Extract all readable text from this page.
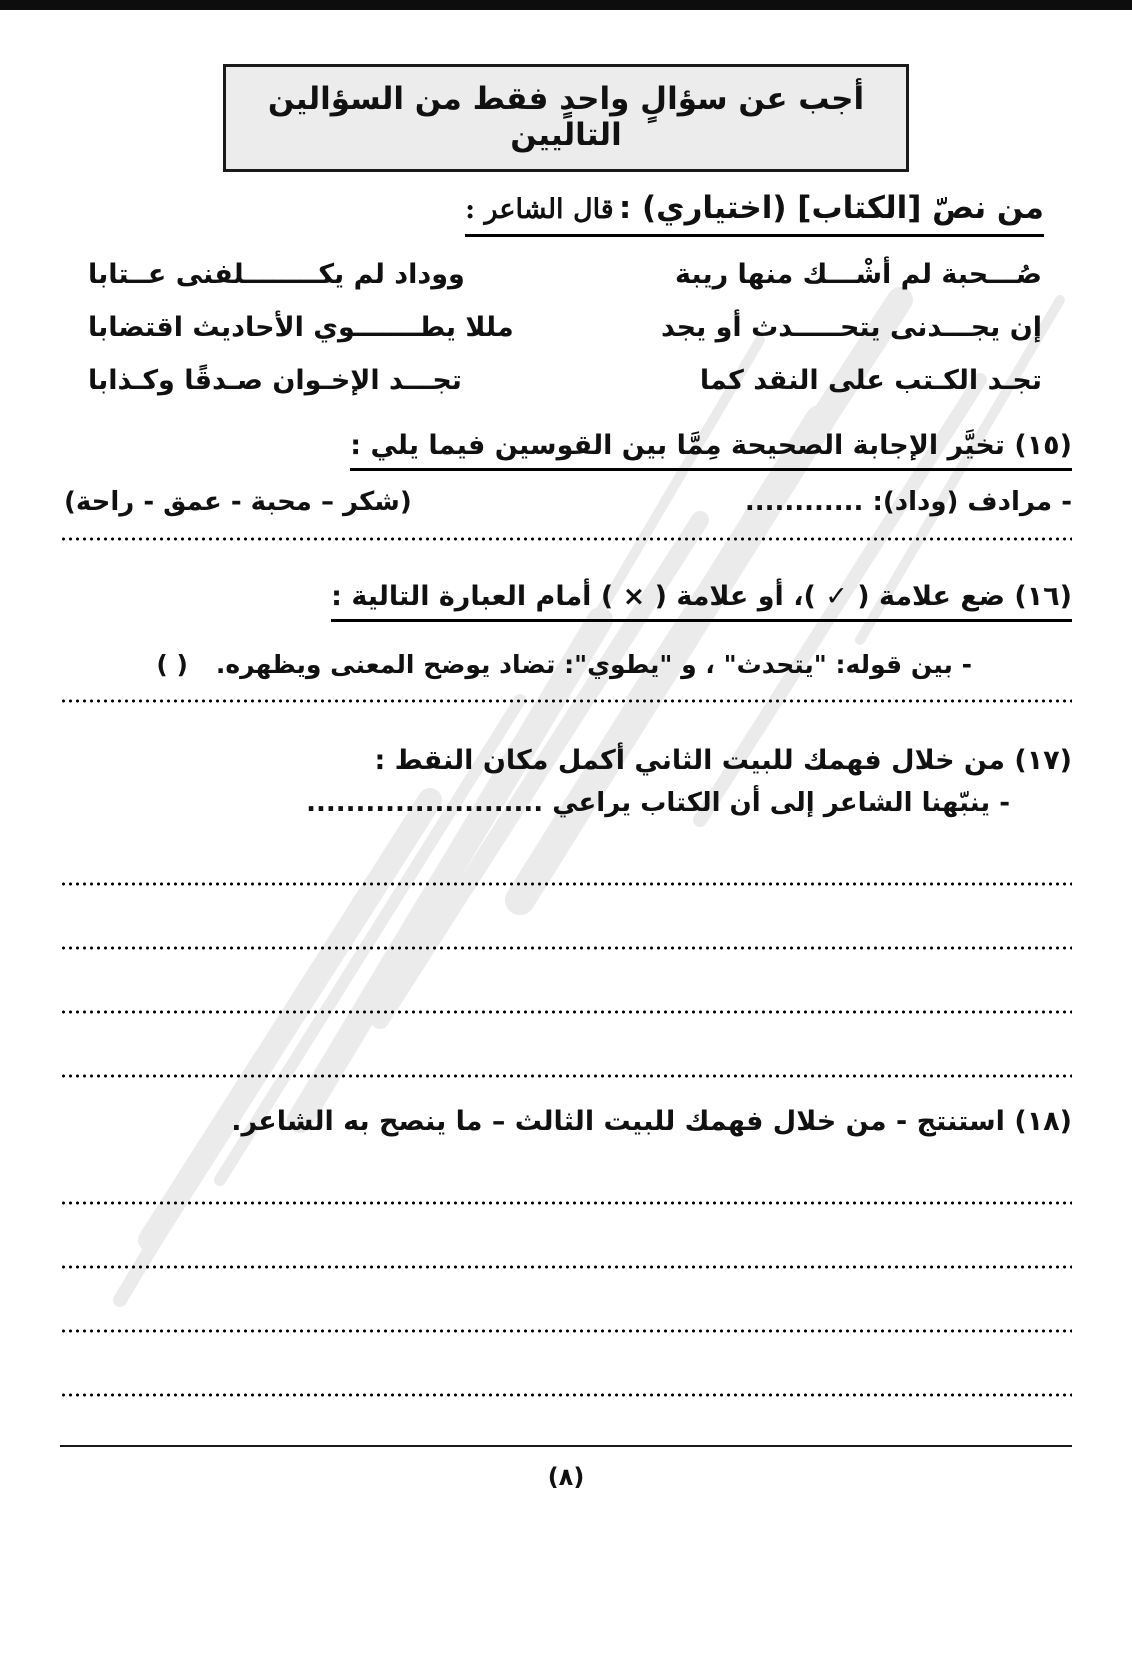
أجب عن سؤالٍ واحدٍ فقط من السؤالين التاليين
من نصّ [الكتاب] (اختياري) : قال الشاعر :
صُـــحبة لم أشْـــك منها ريبة
ووداد لم يكــــــــلفنى عــتابا
إن يجـــدنى يتحـــــدث أو يجد
مللا يطـــــــوي الأحاديث اقتضابا
تجـد الكـتب على النقد كما
تجـــد الإخـوان صـدقًا وكـذابا
(١٥) تخيَّر الإجابة الصحيحة مِمَّا بين القوسين فيما يلي :
- مرادف (وداد): ............
(شكر – محبة - عمق - راحة)
(١٦) ضع علامة ( ✓ )، أو علامة ( × ) أمام العبارة التالية :
- بين قوله: "يتحدث" ، و "يطوي": تضاد يوضح المعنى ويظهره.
( )
(١٧) من خلال فهمك للبيت الثاني أكمل مكان النقط :
- ينبّهنا الشاعر إلى أن الكتاب يراعي ........................
(١٨) استنتج - من خلال فهمك للبيت الثالث – ما ينصح به الشاعر.
(٨)
